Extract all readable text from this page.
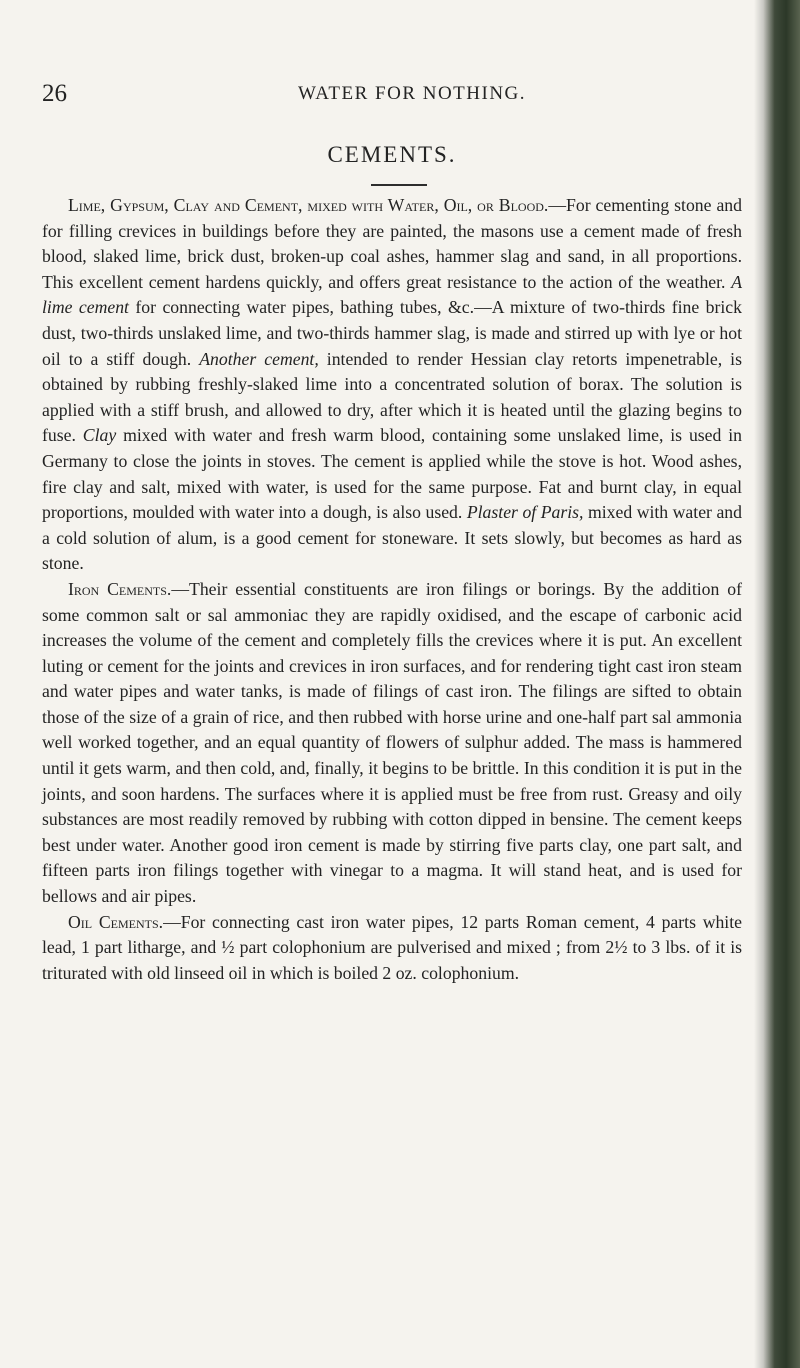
26	WATER FOR NOTHING.
CEMENTS.

Lime, Gypsum, Clay and Cement, mixed with Water, Oil, or Blood.—For cementing stone and for filling crevices in buildings before they are painted, the masons use a cement made of fresh blood, slaked lime, brick dust, broken-up coal ashes, hammer slag and sand, in all proportions. This excellent cement hardens quickly, and offers great resistance to the action of the weather. A lime cement for connecting water pipes, bathing tubes, &c.—A mixture of two-thirds fine brick dust, two-thirds unslaked lime, and two-thirds hammer slag, is made and stirred up with lye or hot oil to a stiff dough. Another cement, intended to render Hessian clay retorts impenetrable, is obtained by rubbing freshly-slaked lime into a concentrated solution of borax. The solution is applied with a stiff brush, and allowed to dry, after which it is heated until the glazing begins to fuse. Clay mixed with water and fresh warm blood, containing some unslaked lime, is used in Germany to close the joints in stoves. The cement is applied while the stove is hot. Wood ashes, fire clay and salt, mixed with water, is used for the same purpose. Fat and burnt clay, in equal proportions, moulded with water into a dough, is also used. Plaster of Paris, mixed with water and a cold solution of alum, is a good cement for stoneware. It sets slowly, but becomes as hard as stone.

Iron Cements.—Their essential constituents are iron filings or borings. By the addition of some common salt or sal ammoniac they are rapidly oxidised, and the escape of carbonic acid increases the volume of the cement and completely fills the crevices where it is put. An excellent luting or cement for the joints and crevices in iron surfaces, and for rendering tight cast iron steam and water pipes and water tanks, is made of filings of cast iron. The filings are sifted to obtain those of the size of a grain of rice, and then rubbed with horse urine and one-half part sal ammonia well worked together, and an equal quantity of flowers of sulphur added. The mass is hammered until it gets warm, and then cold, and, finally, it begins to be brittle. In this condition it is put in the joints, and soon hardens. The surfaces where it is applied must be free from rust. Greasy and oily substances are most readily removed by rubbing with cotton dipped in bensine. The cement keeps best under water. Another good iron cement is made by stirring five parts clay, one part salt, and fifteen parts iron filings together with vinegar to a magma. It will stand heat, and is used for bellows and air pipes.

Oil Cements.—For connecting cast iron water pipes, 12 parts Roman cement, 4 parts white lead, 1 part litharge, and ½ part colophonium are pulverised and mixed ; from 2½ to 3 lbs. of it is triturated with old linseed oil in which is boiled 2 oz. colophonium.
